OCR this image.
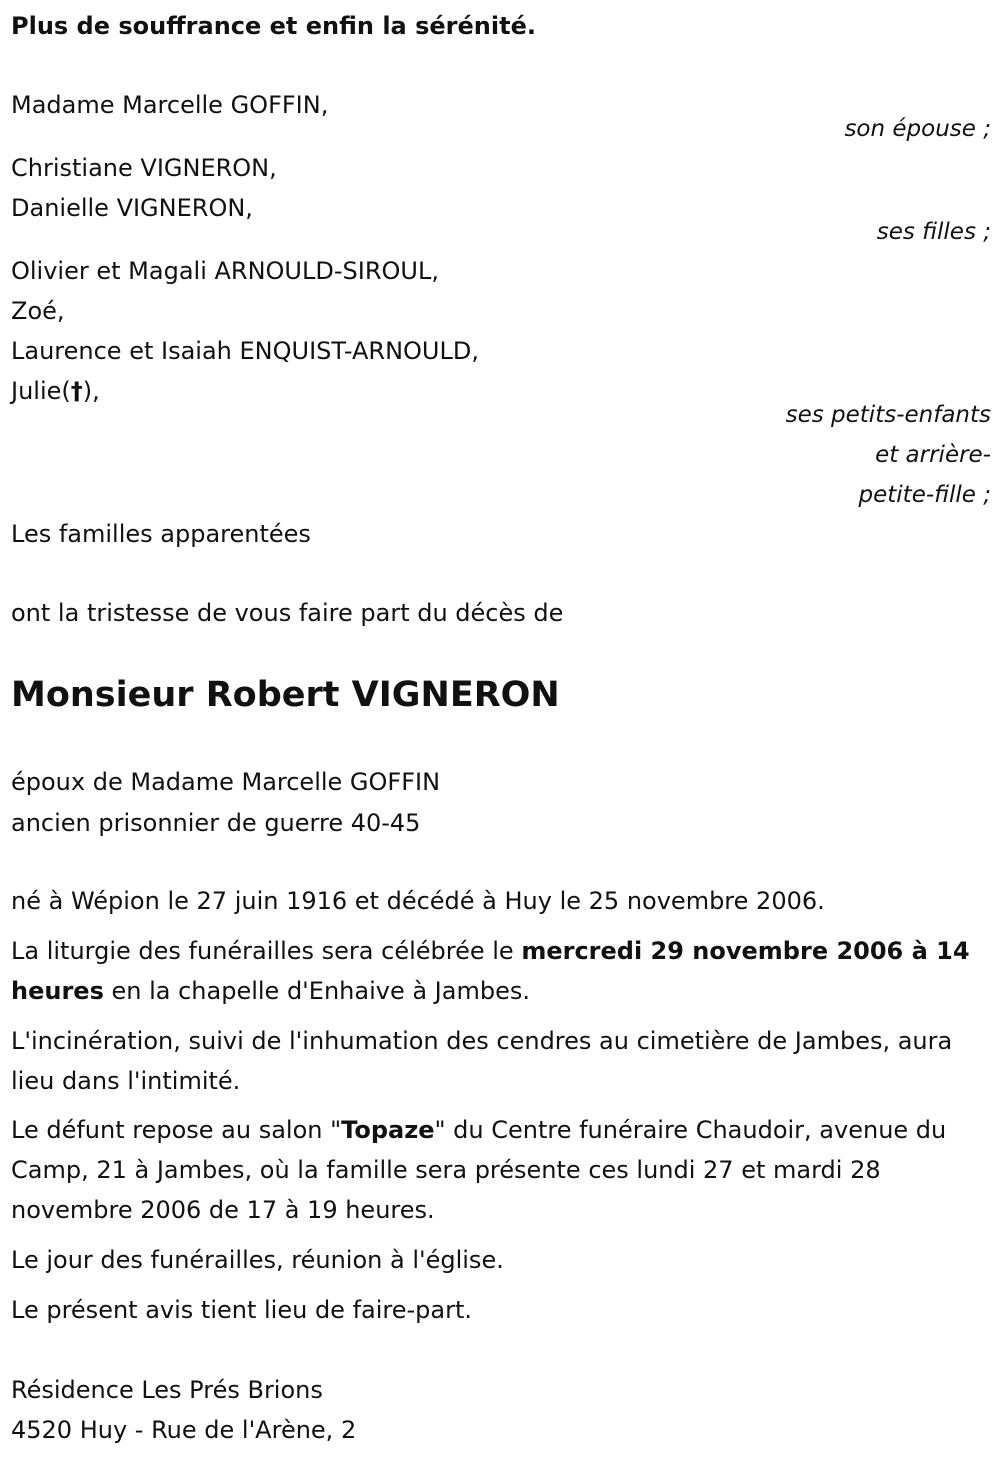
Plus de souffrance et enfin la sérénité.
Madame Marcelle GOFFIN,
son épouse ;
Christiane VIGNERON,
Danielle VIGNERON,
ses filles ;
Olivier et Magali ARNOULD-SIROUL,
Zoé,
Laurence et Isaiah ENQUIST-ARNOULD,
Julie(†),
ses petits-enfants
et arrière-
petite-fille ;
Les familles apparentées
ont la tristesse de vous faire part du décès de
Monsieur Robert VIGNERON
époux de Madame Marcelle GOFFIN
ancien prisonnier de guerre 40-45
né à Wépion le 27 juin 1916 et décédé à Huy le 25 novembre 2006.
La liturgie des funérailles sera célébrée le mercredi 29 novembre 2006 à 14 heures en la chapelle d'Enhaive à Jambes.
L'incinération, suivi de l'inhumation des cendres au cimetière de Jambes, aura lieu dans l'intimité.
Le défunt repose au salon "Topaze" du Centre funéraire Chaudoir, avenue du Camp, 21 à Jambes, où la famille sera présente ces lundi 27 et mardi 28 novembre 2006 de 17 à 19 heures.
Le jour des funérailles, réunion à l'église.
Le présent avis tient lieu de faire-part.
Résidence Les Prés Brions
4520 Huy - Rue de l'Arène, 2
